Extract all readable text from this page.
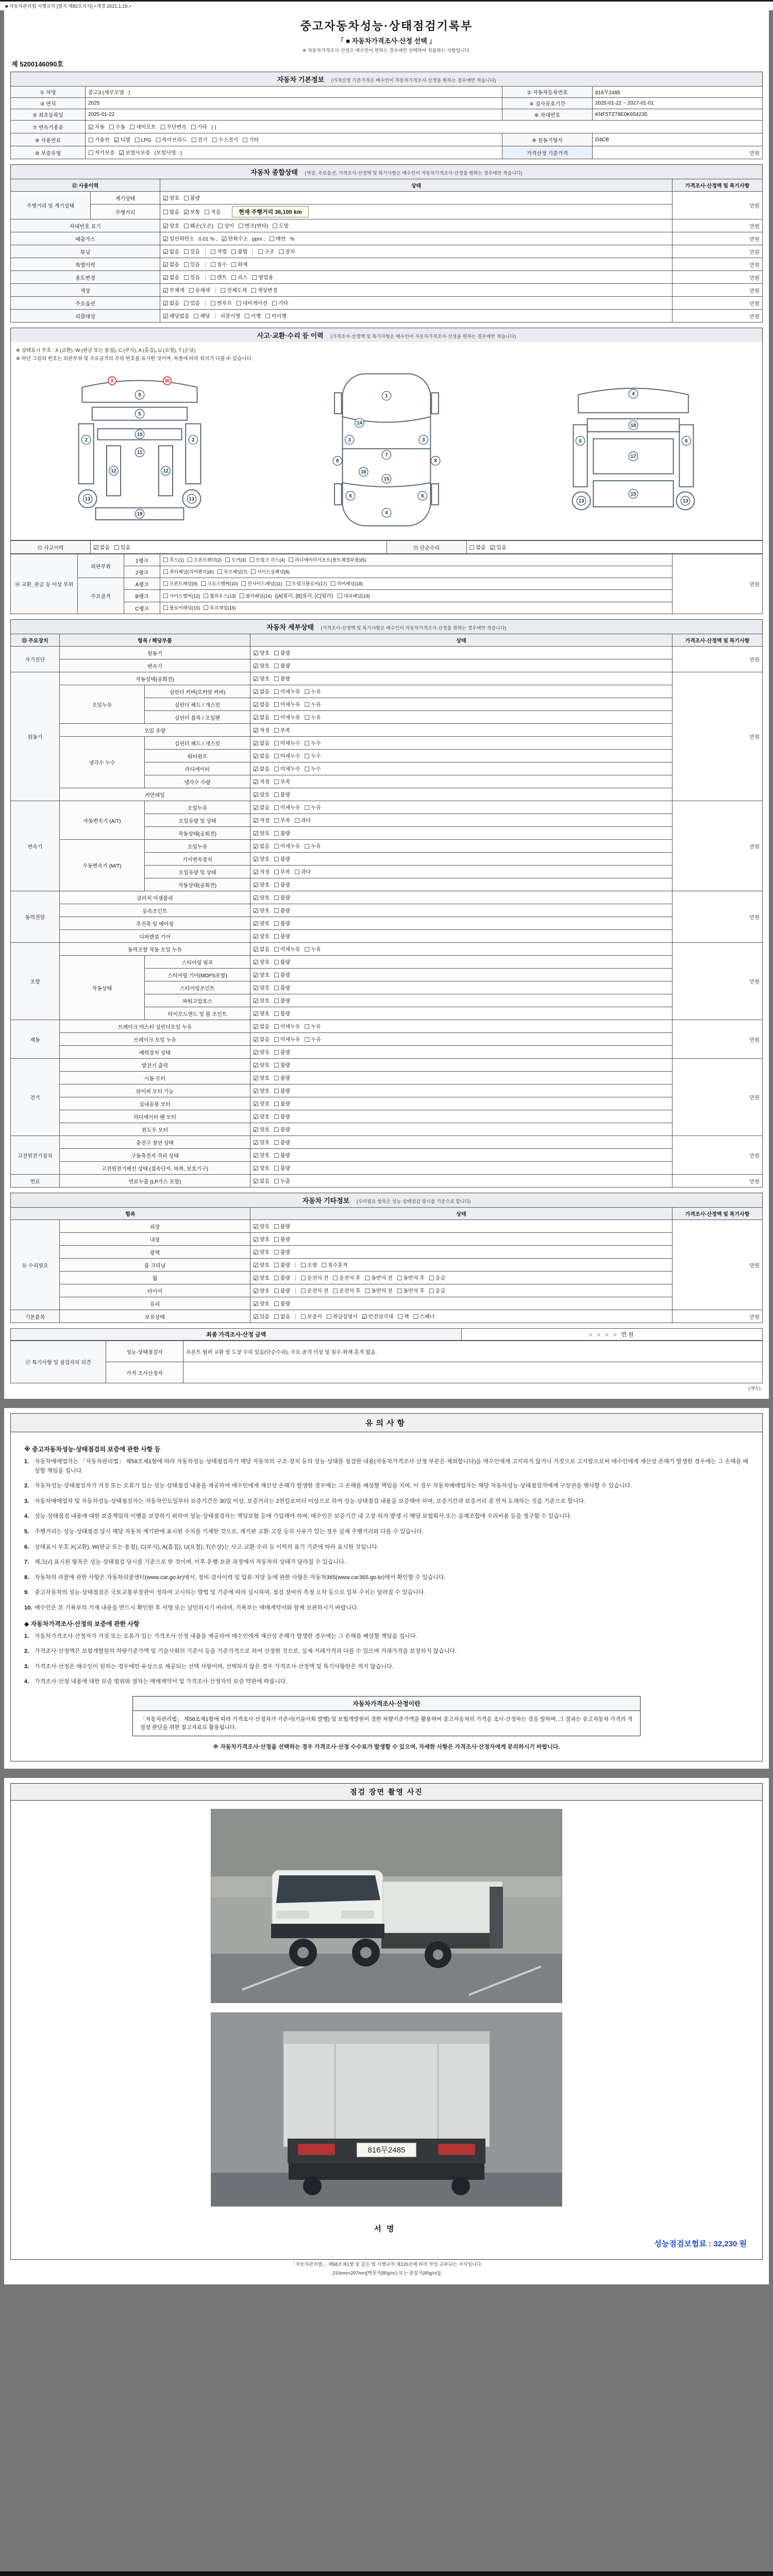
■ 자동차관리법 시행규칙 [별지 제82호서식] <개정 2021.1.19.>
중고자동차성능·상태점검기록부
「 ■ 자동차가격조사·산정 선택 」
※ 자동차가격조사·산정은 매수인이 원하는 경우에만 선택하여 적용하는 사항입니다.
제 5200146090호
자동차 기본정보 (가격산정 기준가격은 매수인이 자동차가격조사·산정을 원하는 경우에만 적습니다)
① 차명	봉고3 (세부모델 : )	② 자동차등록번호	816무2485
③ 연식	2025	④ 검사유효기간	2025-01-22 ~ 2027-01-01
⑤ 최초등록일	2025-01-22	⑥ 차대번호	KNF5TZ79E0K654235
⑦ 변속기종류	☑ 자동 ☐ 수동 ☐ 세미오토 ☐ 무단변속 ☐ 기타 ( )		
⑧ 사용연료	☐ 가솔린 ☑ 디젤 ☐ LPG ☐ 하이브리드 ☐ 전기 ☐ 수소전기 ☐ 기타	⑨ 원동기형식	D4CB
⑩ 보증유형	☐ 자가보증 ☑ 보험사보증 (보험사명 : )	가격산정 기준가격	만원
자동차 종합상태 (색상, 주요옵션, 가격조사·산정액 및 특기사항은 매수인이 자동차가격조사·산정을 원하는 경우에만 적습니다)
⑪ 사용이력		상태	가격조사·산정액 및 특기사항
주행거리 및 계기상태	계기상태	☑ 양호 ☐ 불량	만원
	주행거리	☐ 많음 ☑ 보통 ☐ 적음 현재 주행거리 36,100 km	
차대번호 표기		☑ 양호 ☐ 훼손(오손) ☐ 상이 ☐ 변조(변타) ☐ 도말	만원
배출가스		☑ 일산화탄소 0.01 % , ☑ 탄화수소 ppm , ☐ 매연 %	만원
튜닝		☑ 없음 ☐ 있음 ☐ 적법 ☐ 불법 ☐ 구조 ☐ 장치	만원
특별이력		☑ 없음 ☐ 있음 ☐ 침수 ☐ 화재	만원
용도변경		☑ 없음 ☐ 있음 ☐ 렌트 ☐ 리스 ☐ 영업용	만원
색상		☑ 무채색 ☐ 유채색 ☐ 전체도색 ☐ 색상변경	만원
주요옵션		☑ 없음 ☐ 있음 ☐ 썬루프 ☐ 네비게이션 ☐ 기타	만원
리콜대상		☑ 해당없음 ☐ 해당 리콜이행 ☐ 이행 ☐ 미이행	만원
사고·교환·수리 등 이력 (가격조사·산정액 및 특기사항은 매수인이 자동차가격조사·산정을 원하는 경우에만 적습니다)
※ 상태표시 부호 : X (교환), W (판금 또는 용접), C (부식), A (흠집), U (요철), T (손상)
※ 하단 그림의 번호는 외판부위 및 주요골격의 부위 번호를 표시한 것이며, 차종에 따라 위치가 다를 수 있습니다.
9
5
10
2	2
11
12	12
13	13
19
X	W
1
14
3	3
7
8	8
16
15
6	6
4
4
18
6	6
17
15
13	13
⑫ 사고이력	☑ 없음 ☐ 있음	⑬ 단순수리	☐ 없음 ☑ 있음
⑭ 교환, 판금 등 이상 부위	외판부위	1랭크	☐ 후드(1) ☐ 프론트펜더(2) ☐ 도어(3) ☐ 트렁크 리드(4) ☐ 라디에이터서포트(볼트체결부품)(5)	만원
		2랭크	☐ 쿼터패널(리어펜더)(6) ☐ 루프패널(7) ☐ 사이드실패널(8)	
	주요골격	A랭크	☐ 프론트패널(9) ☐ 크로스멤버(10) ☐ 인사이드패널(11) ☐ 트렁크플로어(17) ☐ 리어패널(18)	
		B랭크	☐ 사이드멤버(12) ☐ 휠하우스(13) ☐ 필러패널(14) ([A]필러, [B]필러, [C]필러) ☐ 대쉬패널(19)	
		C랭크	☐ 플로어패널(15) ☐ 루프레일(16)	
자동차 세부상태 (가격조사·산정액 및 특기사항은 매수인이 자동차가격조사·산정을 원하는 경우에만 적습니다)
⑮ 주요장치	항목 / 해당부품		상태	가격조사·산정액 및 특기사항
자기진단	원동기		☑ 양호 ☐ 불량	만원
	변속기		☑ 양호 ☐ 불량	
원동기	작동상태(공회전)		☑ 양호 ☐ 불량	만원
	오일누유	실린더 커버(로커암 커버)	☑ 없음 ☐ 미세누유 ☐ 누유	
		실린더 헤드 / 개스킷	☑ 없음 ☐ 미세누유 ☐ 누유	
		실린더 블록 / 오일팬	☑ 없음 ☐ 미세누유 ☐ 누유	
	오일 유량		☑ 적정 ☐ 부족	
	냉각수 누수	실린더 헤드 / 개스킷	☑ 없음 ☐ 미세누수 ☐ 누수	
		워터펌프	☑ 없음 ☐ 미세누수 ☐ 누수	
		라디에이터	☑ 없음 ☐ 미세누수 ☐ 누수	
		냉각수 수량	☑ 적정 ☐ 부족	
	커먼레일		☑ 양호 ☐ 불량	
변속기	자동변속기 (A/T)	오일누유	☑ 없음 ☐ 미세누유 ☐ 누유	만원
		오일유량 및 상태	☑ 적정 ☐ 부족 ☐ 과다	
		작동상태(공회전)	☑ 양호 ☐ 불량	
	수동변속기 (M/T)	오일누유	☑ 없음 ☐ 미세누유 ☐ 누유	
		기어변속장치	☑ 양호 ☐ 불량	
		오일유량 및 상태	☑ 적정 ☐ 부족 ☐ 과다	
		작동상태(공회전)	☑ 양호 ☐ 불량	
동력전달	클러치 어셈블리		☑ 양호 ☐ 불량	만원
	등속조인트		☑ 양호 ☐ 불량	
	추진축 및 베어링		☑ 양호 ☐ 불량	
	디퍼렌셜 기어		☑ 양호 ☐ 불량	
조향	동력조향 작동 오일 누유		☑ 없음 ☐ 미세누유 ☐ 누유	만원
	작동상태	스티어링 펌프	☑ 양호 ☐ 불량	
		스티어링 기어(MDPS포함)	☑ 양호 ☐ 불량	
		스티어링조인트	☑ 양호 ☐ 불량	
		파워고압호스	☑ 양호 ☐ 불량	
		타이로드엔드 및 볼 조인트	☑ 양호 ☐ 불량	
제동	브레이크 마스터 실린더오일 누유		☑ 없음 ☐ 미세누유 ☐ 누유	만원
	브레이크 오일 누유		☑ 없음 ☐ 미세누유 ☐ 누유	
	배력장치 상태		☑ 양호 ☐ 불량	
전기	발전기 출력		☑ 양호 ☐ 불량	만원
	시동 모터		☑ 양호 ☐ 불량	
	와이퍼 모터 기능		☑ 양호 ☐ 불량	
	실내송풍 모터		☑ 양호 ☐ 불량	
	라디에이터 팬 모터		☑ 양호 ☐ 불량	
	윈도우 모터		☑ 양호 ☐ 불량	
고전원전기장치	충전구 절연 상태		☑ 양호 ☐ 불량	만원
	구동축전지 격리 상태		☑ 양호 ☐ 불량	
	고전원전기배선 상태 (접속단자, 피복, 보호기구)		☑ 양호 ☐ 불량	
연료	연료누출 (LP가스 포함)		☑ 없음 ☐ 누출	만원
자동차 기타정보 (수리필요 항목은 성능·상태점검 당시를 기준으로 합니다)
항목		상태	가격조사·산정액 및 특기사항
⑯ 수리필요	외장	☑ 양호 ☐ 불량	만원
	내장	☑ 양호 ☐ 불량	
	광택	☑ 양호 ☐ 불량	
	룸 크리닝	☑ 양호 ☐ 불량 ☐ 오염 ☐ 침수흔적	
	휠	☑ 양호 ☐ 불량 ☐ 운전석 전 ☐ 운전석 후 ☐ 동반석 전 ☐ 동반석 후 ☐ 응급	
	타이어	☑ 양호 ☐ 불량 ☐ 운전석 전 ☐ 운전석 후 ☐ 동반석 전 ☐ 동반석 후 ☐ 응급	
	유리	☑ 양호 ☐ 불량	
기본품목	보유상태	☑ 있음 ☐ 없음 ☐ 보증서 ☐ 취급설명서 ☑ 안전삼각대 ☐ 잭 ☐ 스패너	만원
최종 가격조사·산정 금액	○ ○ ○ ○ 만원
⑰ 특기사항 및 점검자의 의견	성능·상태점검자	프론트 범퍼 교환 및 도장 수리 있음(단순수리). 주요 골격 이상 및 침수·화재 흔적 없음.
	가격·조사산정자	
(계속)
유의사항
※ 중고자동차성능·상태점검의 보증에 관한 사항 등
1. 자동차매매업자는 「자동차관리법」 제58조제1항에 따라 자동차성능·상태점검자가 해당 자동차의 구조·장치 등의 성능·상태를 점검한 내용(자동차가격조사·산정 부분은 제외합니다)을 매수인에게 고지하지 않거나 거짓으로 고지함으로써 매수인에게 재산상 손해가 발생한 경우에는 그 손해를 배상할 책임을 집니다.
2. 자동차성능·상태점검자가 거짓 또는 오류가 있는 성능·상태점검 내용을 제공하여 매수인에게 재산상 손해가 발생한 경우에는 그 손해를 배상할 책임을 지며, 이 경우 자동차매매업자는 해당 자동차성능·상태점검자에게 구상권을 행사할 수 있습니다.
3. 자동차매매업자 및 자동차성능·상태점검자는 자동차인도일부터 보증기간은 30일 이상, 보증거리는 2천킬로미터 이상으로 하여 성능·상태점검 내용을 보증해야 하며, 보증기간과 보증거리 중 먼저 도래하는 것을 기준으로 합니다.
4. 성능·상태점검 내용에 대한 보증책임의 이행을 보장하기 위하여 성능·상태점검자는 책임보험 등에 가입해야 하며, 매수인은 보증기간 내 고장·하자 발생 시 해당 보험회사 또는 공제조합에 수리비용 등을 청구할 수 있습니다.
5. 주행거리는 성능·상태점검 당시 해당 자동차 계기판에 표시된 수치를 기재한 것으로, 계기판 교환·고장 등의 사유가 있는 경우 실제 주행거리와 다를 수 있습니다.
6. 상태표시 부호 X(교환), W(판금 또는 용접), C(부식), A(흠집), U(요철), T(손상)는 사고·교환·수리 등 이력의 표기 기준에 따라 표시한 것입니다.
7. 체크(√) 표시된 항목은 성능·상태점검 당시를 기준으로 한 것이며, 이후 운행·보관 과정에서 자동차의 상태가 달라질 수 있습니다.
8. 자동차의 리콜에 관한 사항은 자동차리콜센터(www.car.go.kr)에서, 정비·검사이력 및 압류·저당 등에 관한 사항은 자동차365(www.car365.go.kr)에서 확인할 수 있습니다.
9. 중고자동차의 성능·상태점검은 국토교통부장관이 정하여 고시하는 방법 및 기준에 따라 실시하며, 점검 장비의 측정 오차 등으로 일부 수치는 달라질 수 있습니다.
10. 매수인은 본 기록부의 기재 내용을 반드시 확인한 후 서명 또는 날인하시기 바라며, 기록부는 매매계약서와 함께 보관하시기 바랍니다.
◆ 자동차가격조사·산정의 보증에 관한 사항
1. 자동차가격조사·산정자가 거짓 또는 오류가 있는 가격조사·산정 내용을 제공하여 매수인에게 재산상 손해가 발생한 경우에는 그 손해를 배상할 책임을 집니다.
2. 가격조사·산정액은 보험개발원의 차량기준가액 및 기술사회의 기준서 등을 기준가격으로 하여 산정한 것으로, 실제 거래가격과 다를 수 있으며 거래가격을 보장하지 않습니다.
3. 가격조사·산정은 매수인이 원하는 경우에만 유상으로 제공되는 선택 사항이며, 선택하지 않은 경우 가격조사·산정액 및 특기사항란은 적지 않습니다.
4. 가격조사·산정 내용에 대한 보증 범위와 절차는 매매계약서 및 가격조사·산정자의 보증 약관에 따릅니다.
자동차가격조사·산정이란
「자동차관리법」 제58조제1항에 따라 가격조사·산정자가 기준서(기술사회 발행) 및 보험개발원이 정한 차량기준가액을 활용하여 중고자동차의 가격을 조사·산정하는 것을 말하며, 그 결과는 중고자동차 가격의 적절성 판단을 위한 참고자료로 활용됩니다.
※ 자동차가격조사·산정을 선택하는 경우 가격조사·산정 수수료가 발생할 수 있으며, 자세한 사항은 가격조사·산정자에게 문의하시기 바랍니다.
점검 장면 촬영 사진
816무2485
서명
성능점검보험료 : 32,230 원
「자동차관리법」 제58조제1항 및 같은 법 시행규칙 제120조에 따라 작성·교부되는 서식입니다.
210mm×297mm[백상지(80g/㎡) 또는 중질지(80g/㎡)]
